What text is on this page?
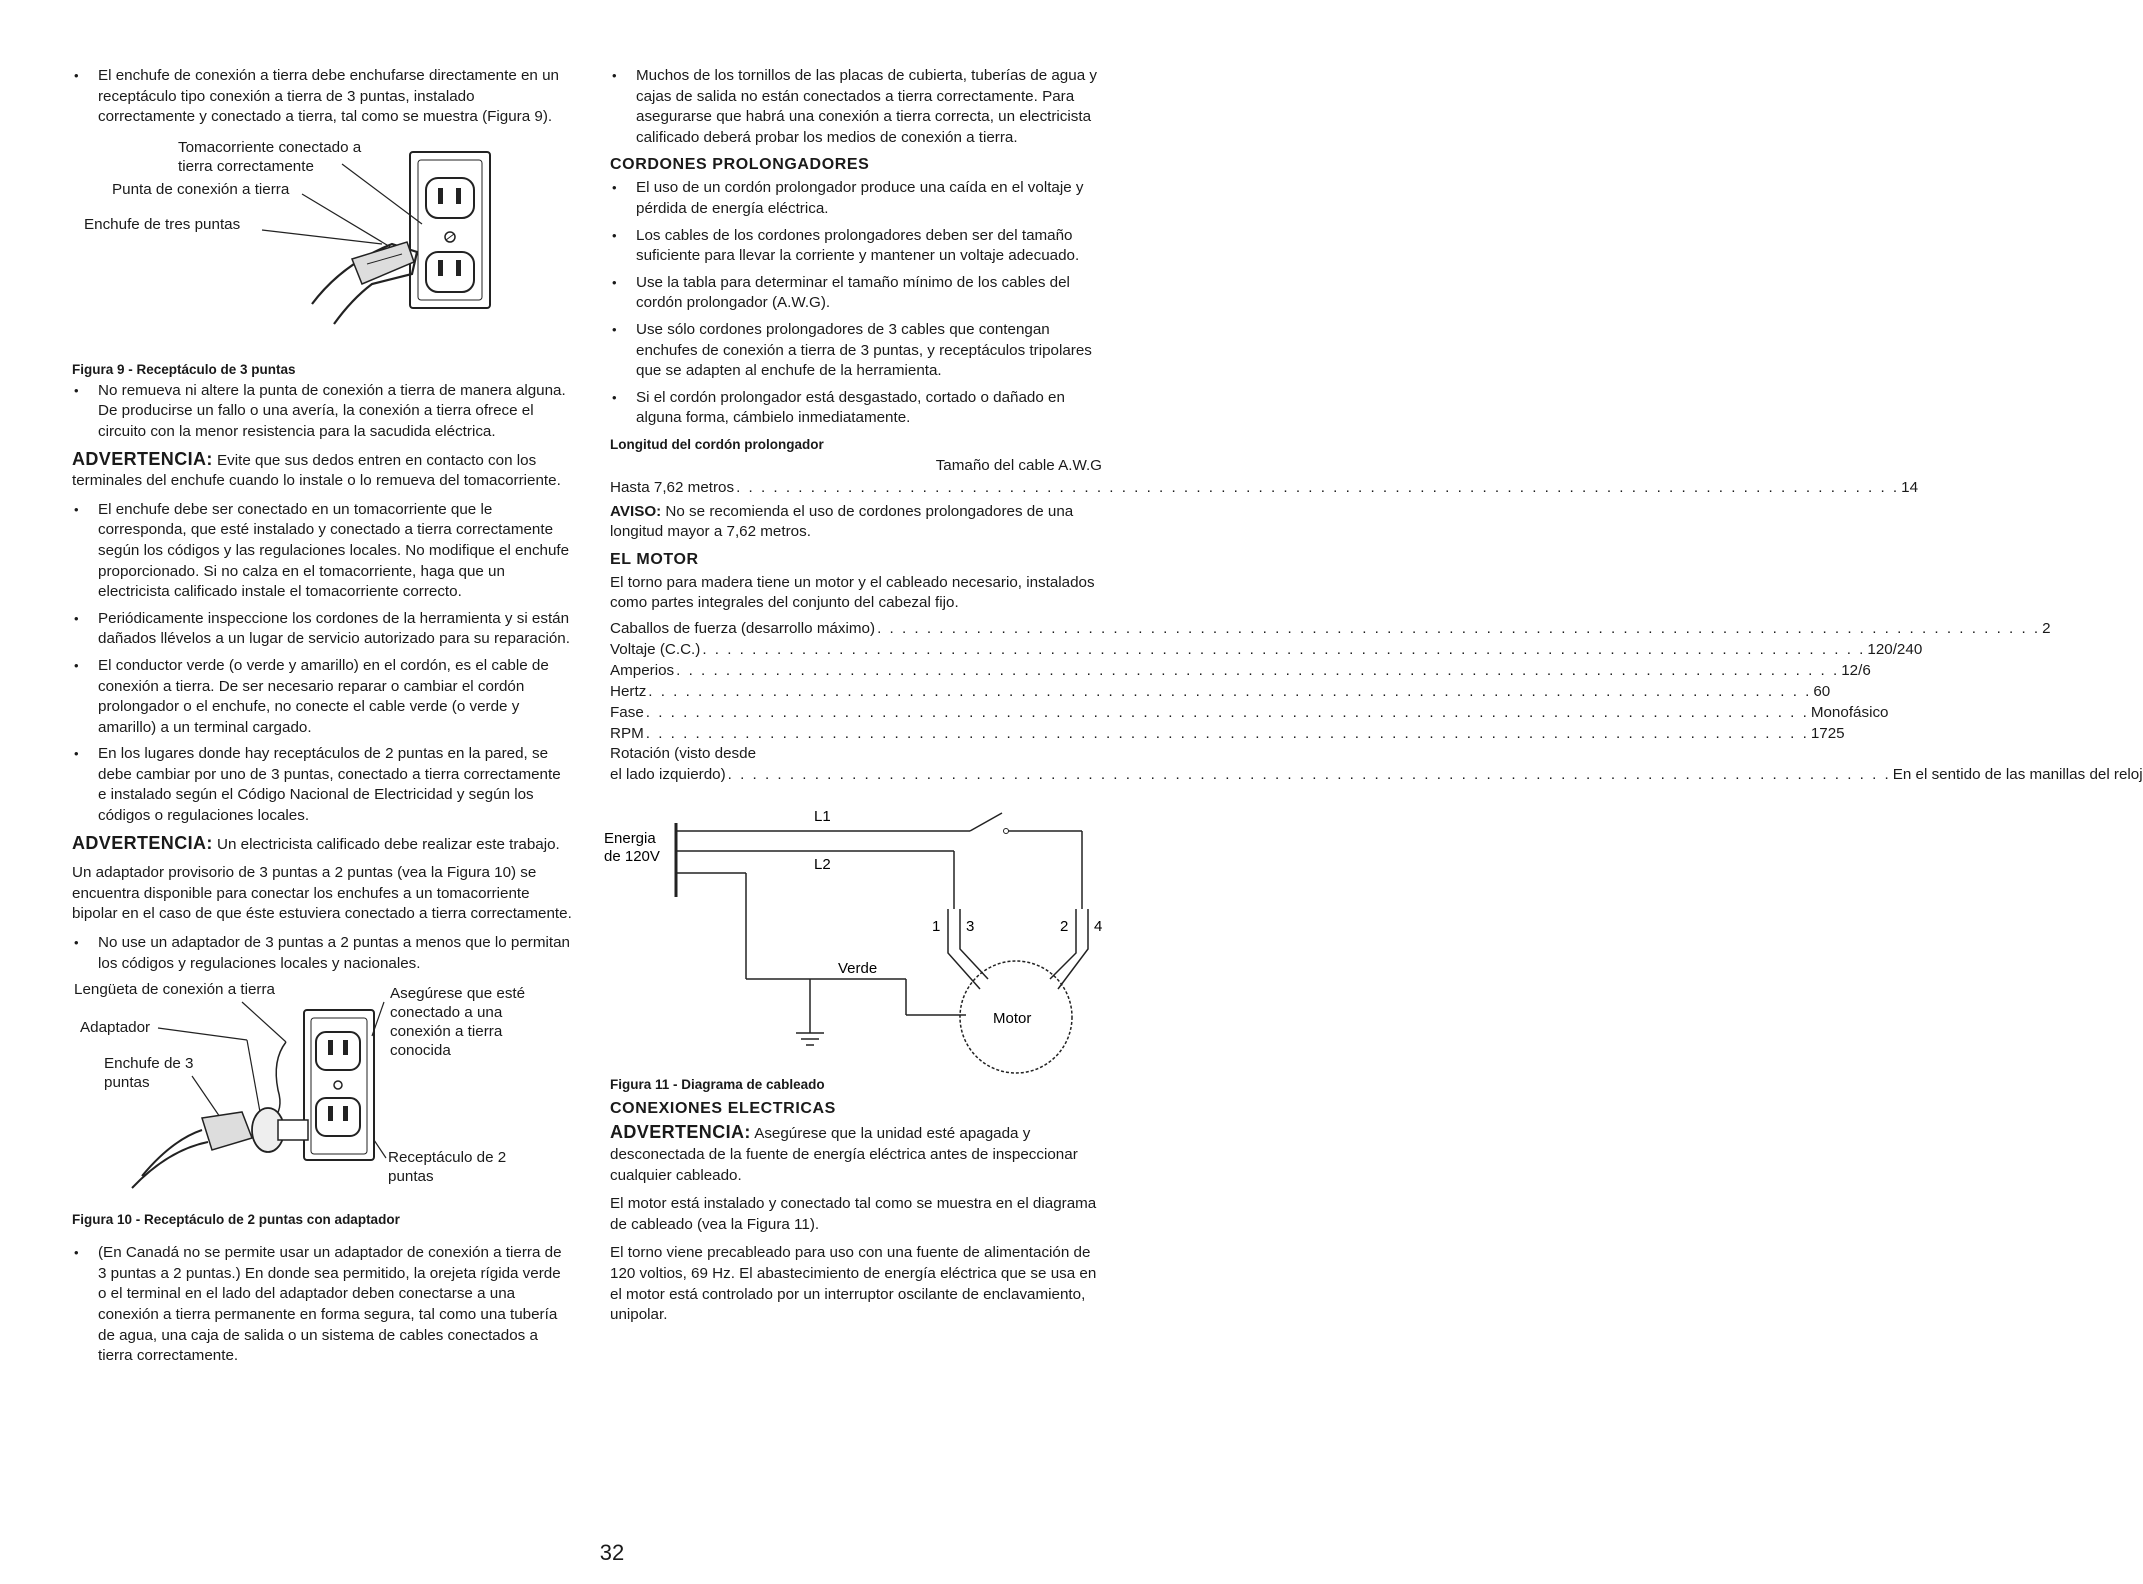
• El enchufe de conexión a tierra debe enchufarse directamente en un receptáculo tipo conexión a tierra de 3 puntas, instalado correctamente y conectado a tierra, tal como se muestra (Figura 9).

Tomacorriente conectado a tierra correctamente

Punta de conexión a tierra

Enchufe de tres puntas

Figura 9 - Receptáculo de 3 puntas
• No remueva ni altere la punta de conexión a tierra de manera alguna. De producirse un fallo o una avería, la conexión a tierra ofrece el circuito con la menor resistencia para la sacudida eléctrica.

ADVERTENCIA: Evite que sus dedos entren en contacto con los terminales del enchufe cuando lo instale o lo remueva del tomacorriente.

• El enchufe debe ser conectado en un tomacorriente que le corresponda, que esté instalado y conectado a tierra correctamente según los códigos y las regulaciones locales. No modifique el enchufe proporcionado. Si no calza en el tomacorriente, haga que un electricista calificado instale el tomacorriente correcto.
• Periódicamente inspeccione los cordones de la herramienta y si están dañados llévelos a un lugar de servicio autorizado para su reparación.
• El conductor verde (o verde y amarillo) en el cordón, es el cable de conexión a tierra. De ser necesario reparar o cambiar el cordón prolongador o el enchufe, no conecte el cable verde (o verde y amarillo) a un terminal cargado.
• En los lugares donde hay receptáculos de 2 puntas en la pared, se debe cambiar por uno de 3 puntas, conectado a tierra correctamente e instalado según el Código Nacional de Electricidad y según los códigos o regulaciones locales.

ADVERTENCIA: Un electricista calificado debe realizar este trabajo.

Un adaptador provisorio de 3 puntas a 2 puntas (vea la Figura 10) se encuentra disponible para conectar los enchufes a un tomacorriente bipolar en el caso de que éste estuviera conectado a tierra correctamente.

• No use un adaptador de 3 puntas a 2 puntas a menos que lo permitan los códigos y regulaciones locales y nacionales.

Lengüeta de conexión a tierra

Adaptador

Enchufe de 3 puntas

Asegúrese que esté conectado a una conexión a tierra conocida

Receptáculo de 2 puntas

Figura 10 - Receptáculo de 2 puntas con adaptador
• (En Canadá no se permite usar un adaptador de conexión a tierra de 3 puntas a 2 puntas.) En donde sea permitido, la orejeta rígida verde o el terminal en el lado del adaptador deben conectarse a una conexión a tierra permanente en forma segura, tal como una tubería de agua, una caja de salida o un sistema de cables conectados a tierra correctamente.
• Muchos de los tornillos de las placas de cubierta, tuberías de agua y cajas de salida no están conectados a tierra correctamente. Para asegurarse que habrá una conexión a tierra correcta, un electricista calificado deberá probar los medios de conexión a tierra.
CORDONES PROLONGADORES
• El uso de un cordón prolongador produce una caída en el voltaje y pérdida de energía eléctrica.
• Los cables de los cordones prolongadores deben ser del tamaño suficiente para llevar la corriente y mantener un voltaje adecuado.
• Use la tabla para determinar el tamaño mínimo de los cables del cordón prolongador (A.W.G).
• Use sólo cordones prolongadores de 3 cables que contengan enchufes de conexión a tierra de 3 puntas, y receptáculos tripolares que se adapten al enchufe de la herramienta.
• Si el cordón prolongador está desgastado, cortado o dañado en alguna forma, cámbielo inmediatamente.
Longitud del cordón prolongador

Tamaño del cable A.W.G

Hasta 7,62 metros . . .	14

AVISO: No se recomienda el uso de cordones prolongadores de una longitud mayor a 7,62 metros.

EL MOTOR

El torno para madera tiene un motor y el cableado necesario, instalados como partes integrales del conjunto del cabezal fijo.

Caballos de fuerza (desarrollo máximo) . . .	2
Voltaje (C.C.) . . .	120/240
Amperios . . .	12/6
Hertz . . .	60
Fase . . .	Monofásico
RPM . . .	1725

Rotación (visto desde

el lado izquierdo) . . .	En el sentido de las manillas del reloj
Energia
de 120V
L1
L2
1 3	2 4
Verde
Motor
Figura 11 - Diagrama de cableado
CONEXIONES ELECTRICAS

ADVERTENCIA: Asegúrese que la unidad esté apagada y desconectada de la fuente de energía eléctrica antes de inspeccionar cualquier cableado.

El motor está instalado y conectado tal como se muestra en el diagrama de cableado (vea la Figura 11).

El torno viene precableado para uso con una fuente de alimentación de 120 voltios, 69 Hz. El abastecimiento de energía eléctrica que se usa en el motor está controlado por un interruptor oscilante de enclavamiento, unipolar.

32
